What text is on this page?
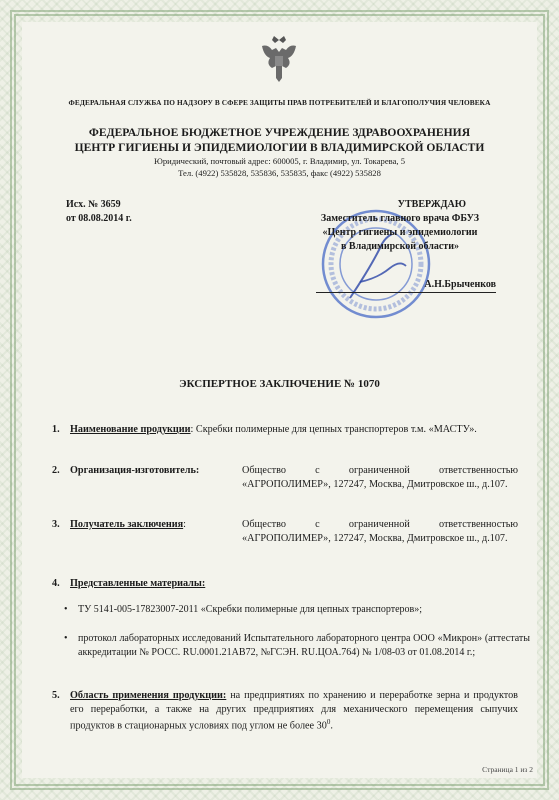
ФЕДЕРАЛЬНАЯ СЛУЖБА ПО НАДЗОРУ В СФЕРЕ ЗАЩИТЫ ПРАВ ПОТРЕБИТЕЛЕЙ И БЛАГОПОЛУЧИЯ ЧЕЛОВЕКА
ФЕДЕРАЛЬНОЕ БЮДЖЕТНОЕ УЧРЕЖДЕНИЕ ЗДРАВООХРАНЕНИЯ
ЦЕНТР ГИГИЕНЫ И ЭПИДЕМИОЛОГИИ В ВЛАДИМИРСКОЙ ОБЛАСТИ
Юридический, почтовый адрес: 600005, г. Владимир, ул. Токарева, 5
Тел. (4922) 535828, 535836, 535835, факс (4922) 535828
Исх. № 3659
от 08.08.2014 г.
УТВЕРЖДАЮ
Заместитель главного врача ФБУЗ
«Центр гигиены и эпидемиологии
в Владимирской области»
А.Н.Брыченков
ЭКСПЕРТНОЕ ЗАКЛЮЧЕНИЕ № 1070
1.	Наименование продукции: Скребки полимерные для цепных транспортеров т.м. «МАСТУ».
2. Организация-изготовитель:	Общество с ограниченной ответственностью «АГРОПОЛИМЕР», 127247, Москва, Дмитровское ш., д.107.
3. Получатель заключения:	Общество с ограниченной ответственностью «АГРОПОЛИМЕР», 127247, Москва, Дмитровское ш., д.107.
4.	Представленные материалы:
• ТУ 5141-005-17823007-2011 «Скребки полимерные для цепных транспортеров»;
• протокол лабораторных исследований Испытательного лабораторного центра ООО «Микрон» (аттестаты аккредитации № РОСС. RU.0001.21АВ72, №ГСЭН. RU.ЦОА.764) № 1/08-03 от 01.08.2014 г.;
5.	Область применения продукции: на предприятиях по хранению и переработке зерна и продуктов его переработки, а также на других предприятиях для механического перемещения сыпучих продуктов в стационарных условиях под углом не более $30^0$.
Страница 1 из 2
